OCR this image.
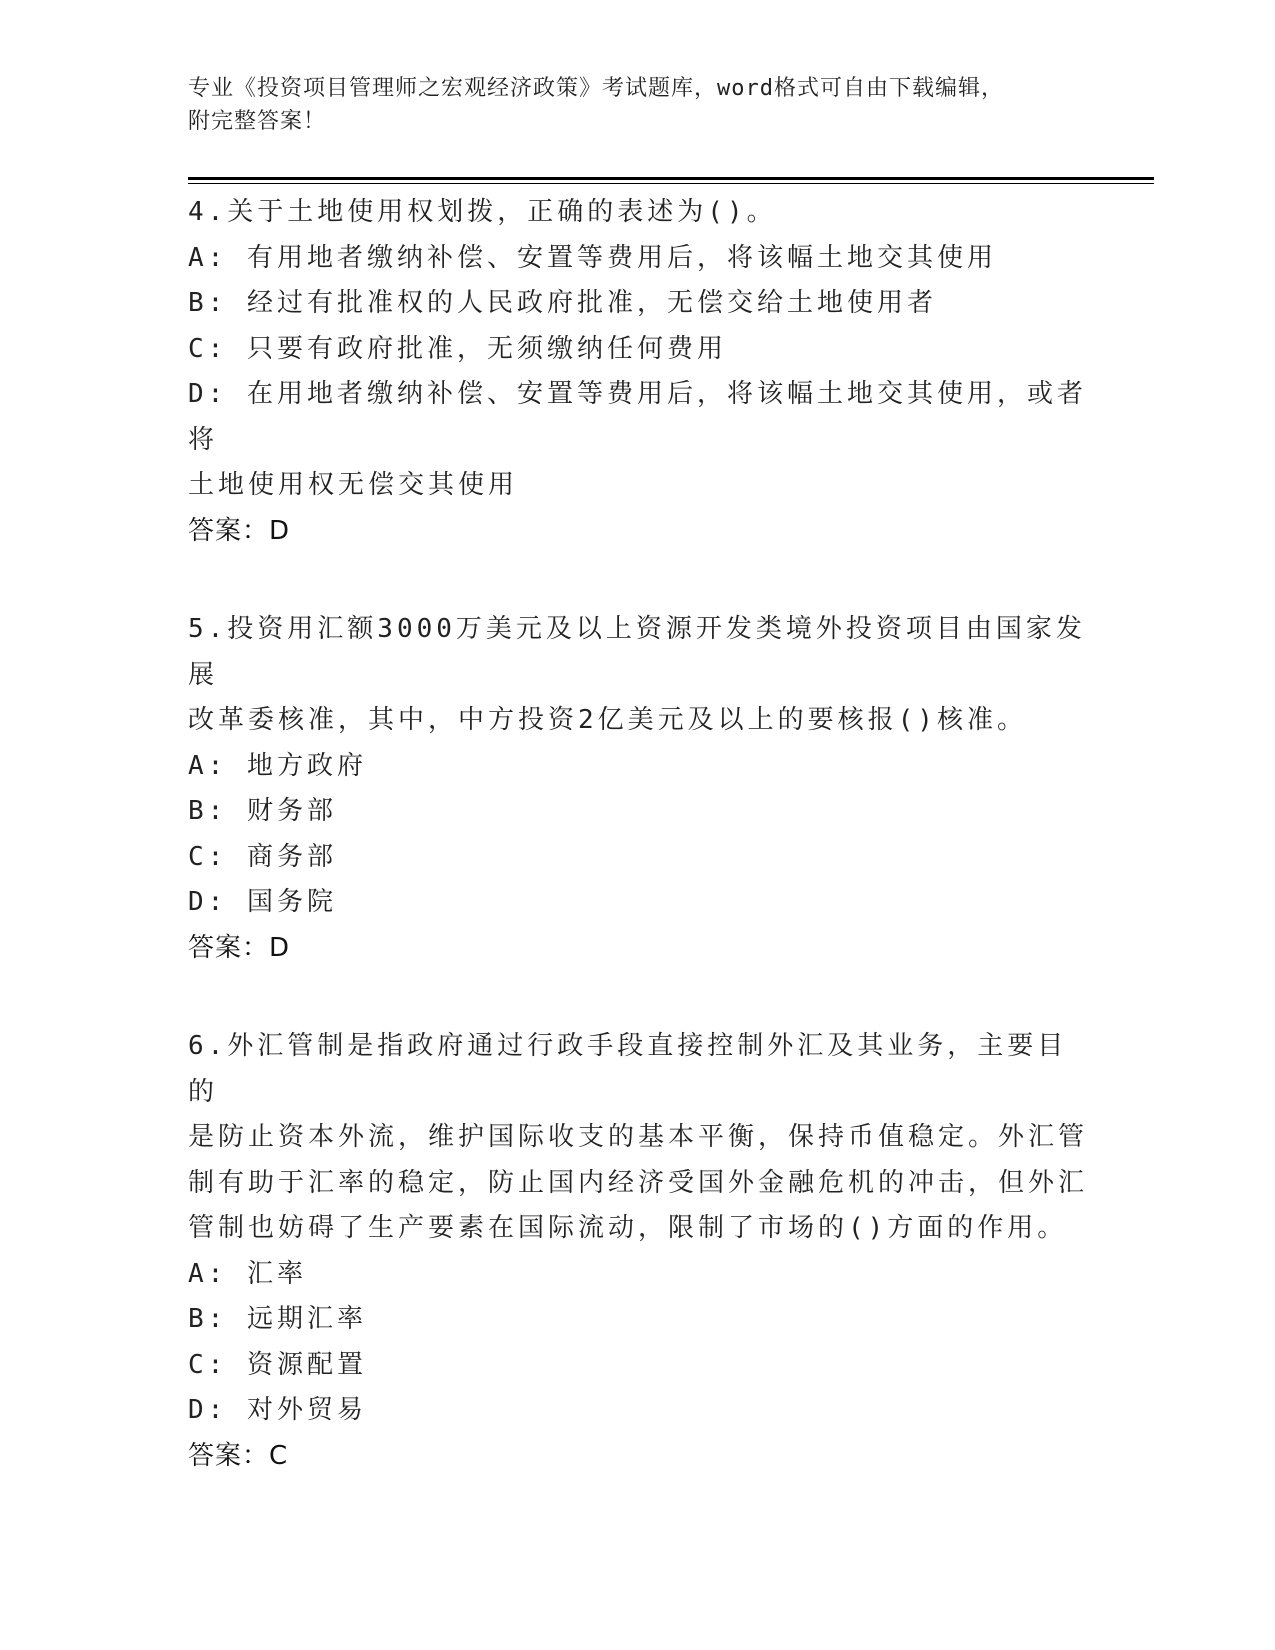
专业《投资项目管理师之宏观经济政策》考试题库，word格式可自由下载编辑，
附完整答案！
4.关于土地使用权划拨，正确的表述为()。
A: 有用地者缴纳补偿、安置等费用后，将该幅土地交其使用
B: 经过有批准权的人民政府批准，无偿交给土地使用者
C: 只要有政府批准，无须缴纳任何费用
D: 在用地者缴纳补偿、安置等费用后，将该幅土地交其使用，或者将
土地使用权无偿交其使用
答案：D
5.投资用汇额3000万美元及以上资源开发类境外投资项目由国家发展
改革委核准，其中，中方投资2亿美元及以上的要核报()核准。
A: 地方政府
B: 财务部
C: 商务部
D: 国务院
答案：D
6.外汇管制是指政府通过行政手段直接控制外汇及其业务，主要目的
是防止资本外流，维护国际收支的基本平衡，保持币值稳定。外汇管
制有助于汇率的稳定，防止国内经济受国外金融危机的冲击，但外汇
管制也妨碍了生产要素在国际流动，限制了市场的()方面的作用。
A: 汇率
B: 远期汇率
C: 资源配置
D: 对外贸易
答案：C
